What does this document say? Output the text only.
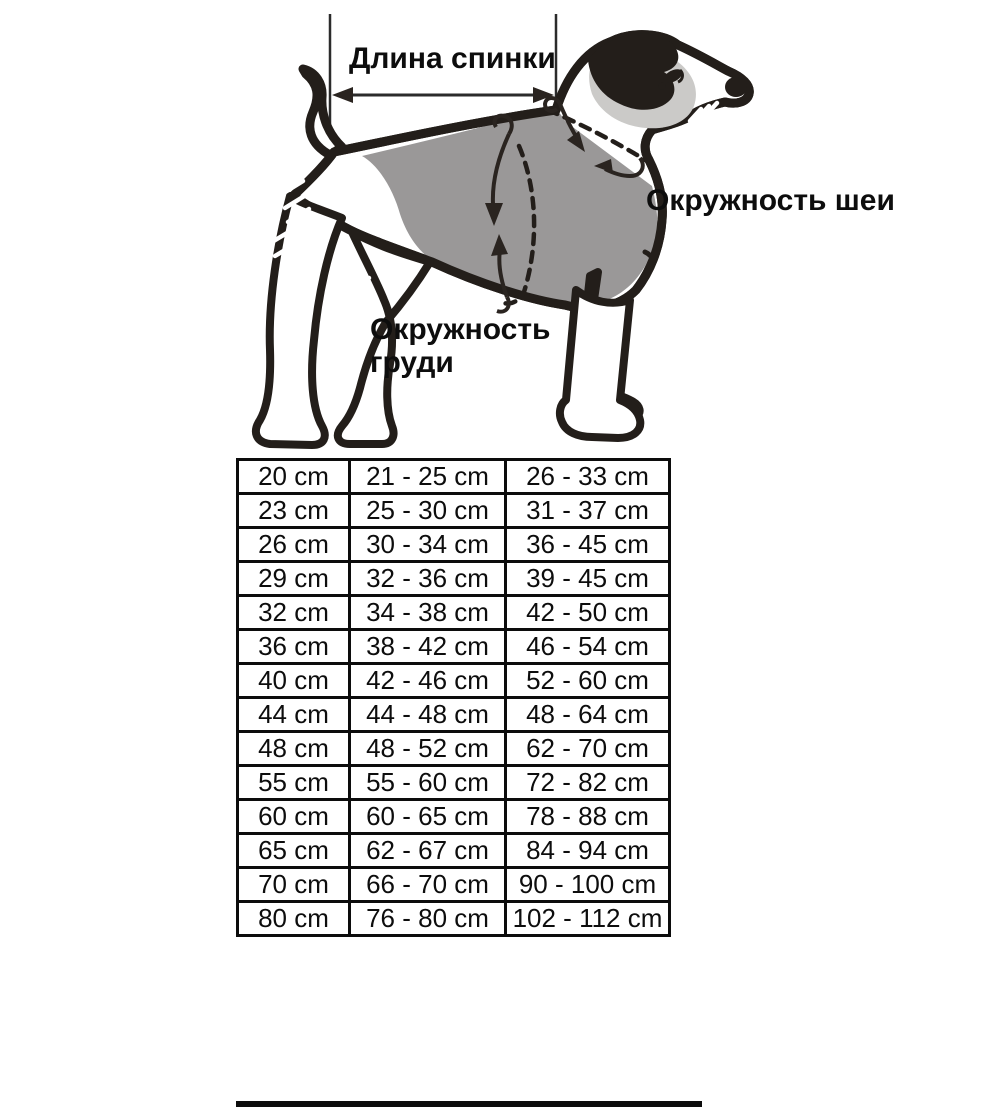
Длина спинки
Окружность шеи
Окружность
груди
20 cm	21 - 25 cm	26 - 33 cm
23 cm	25 - 30 cm	31 - 37 cm
26 cm	30 - 34 cm	36 - 45 cm
29 cm	32 - 36 cm	39 - 45 cm
32 cm	34 - 38 cm	42 - 50 cm
36 cm	38 - 42 cm	46 - 54 cm
40 cm	42 - 46 cm	52 - 60 cm
44 cm	44 - 48 cm	48 - 64 cm
48 cm	48 - 52 cm	62 - 70 cm
55 cm	55 - 60 cm	72 - 82 cm
60 cm	60 - 65 cm	78 - 88 cm
65 cm	62 - 67 cm	84 - 94 cm
70 cm	66 - 70 cm	90 - 100 cm
80 cm	76 - 80 cm	102 - 112 cm
